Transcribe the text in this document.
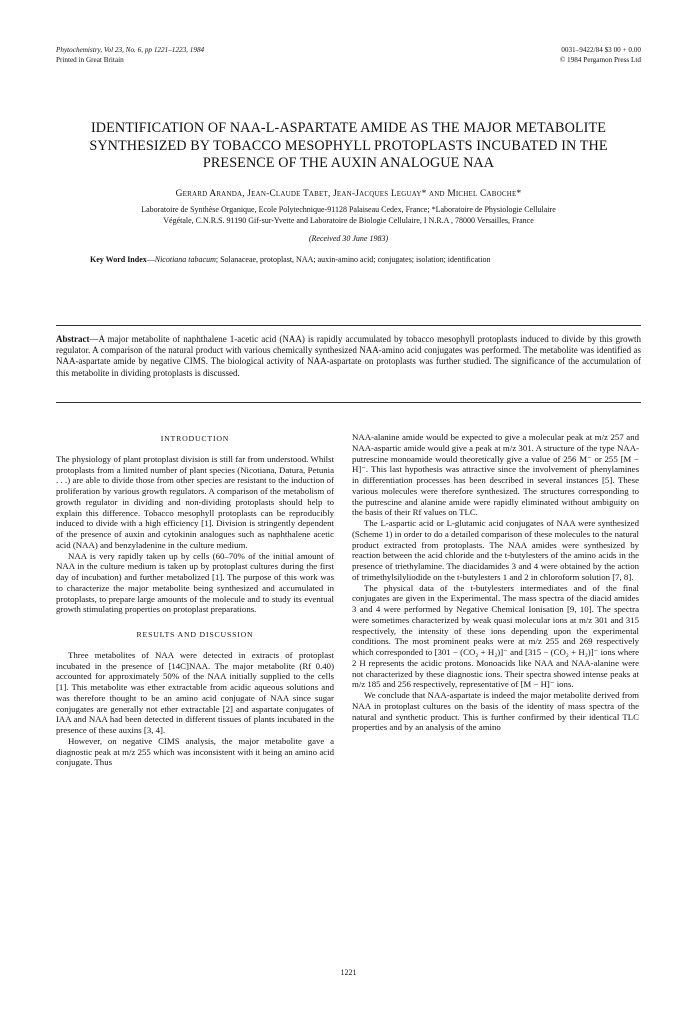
Phytochemistry, Vol 23, No. 6, pp 1221–1223, 1984
Printed in Great Britain
0031–9422/84 $3 00 + 0.00
© 1984 Pergamon Press Ltd
IDENTIFICATION OF NAA-L-ASPARTATE AMIDE AS THE MAJOR METABOLITE SYNTHESIZED BY TOBACCO MESOPHYLL PROTOPLASTS INCUBATED IN THE PRESENCE OF THE AUXIN ANALOGUE NAA
Gerard Aranda, Jean-Claude Tabet, Jean-Jacques Leguay* and Michel Caboche*
Laboratoire de Synthèse Organique, Ecole Polytechnique-91128 Palaiseau Cedex, France; *Laboratoire de Physiologie Cellulaire
Végétale, C.N.R.S. 91190 Gif-sur-Yvette and Laboratoire de Biologie Cellulaire, I N.R.A , 78000 Versailles, France
(Received 30 June 1983)
Key Word Index—Nicotiana tabacum; Solanaceae, protoplast, NAA; auxin-amino acid; conjugates; isolation; identification
Abstract—A major metabolite of naphthalene 1-acetic acid (NAA) is rapidly accumulated by tobacco mesophyll protoplasts induced to divide by this growth regulator. A comparison of the natural product with various chemically synthesized NAA-amino acid conjugates was performed. The metabolite was identified as NAA-aspartate amide by negative CIMS. The biological activity of NAA-aspartate on protoplasts was further studied. The significance of the accumulation of this metabolite in dividing protoplasts is discussed.
INTRODUCTION

The physiology of plant protoplast division is still far from understood. Whilst protoplasts from a limited number of plant species (Nicotiana, Datura, Petunia . . .) are able to divide those from other species are resistant to the induction of proliferation by various growth regulators. A comparison of the metabolism of growth regulator in dividing and non-dividing protoplasts should help to explain this difference. Tobacco mesophyll protoplasts can be reproducibly induced to divide with a high efficiency [1]. Division is stringently dependent of the presence of auxin and cytokinin analogues such as naphthalene acetic acid (NAA) and benzyladenine in the culture medium.

NAA is very rapidly taken up by cells (60–70% of the initial amount of NAA in the culture medium is taken up by protoplast cultures during the first day of incubation) and further metabolized [1]. The purpose of this work was to characterize the major metabolite being synthesized and accumulated in protoplasts, to prepare large amounts of the molecule and to study its eventual growth stimulating properties on protoplast preparations.

RESULTS AND DISCUSSION

Three metabolites of NAA were detected in extracts of protoplast incubated in the presence of [14C]NAA. The major metabolite (Rf 0.40) accounted for approximately 50% of the NAA initially supplied to the cells [1]. This metabolite was ether extractable from acidic aqueous solutions and was therefore thought to be an amino acid conjugate of NAA since sugar conjugates are generally not ether extractable [2] and aspartate conjugates of IAA and NAA had been detected in different tissues of plants incubated in the presence of these auxins [3, 4].

However, on negative CIMS analysis, the major metabolite gave a diagnostic peak at m/z 255 which was inconsistent with it being an amino acid conjugate. Thus

NAA-alanine amide would be expected to give a molecular peak at m/z 257 and NAA-aspartic amide would give a peak at m/z 301. A structure of the type NAA-putrescine monoamide would theoretically give a value of 256 M⁻ or 255 [M − H]⁻. This last hypothesis was attractive since the involvement of phenylamines in differentiation processes has been described in several instances [5]. These various molecules were therefore synthesized. The structures corresponding to the putrescine and alanine amide were rapidly eliminated without ambiguity on the basis of their Rf values on TLC.

The L-aspartic acid or L-glutamic acid conjugates of NAA were synthesized (Scheme 1) in order to do a detailed comparison of these molecules to the natural product extracted from protoplasts. The NAA amides were synthesized by reaction between the acid chloride and the t-butylesters of the amino acids in the presence of triethylamine. The diacidamides 3 and 4 were obtained by the action of trimethylsilyliodide on the t-butylesters 1 and 2 in chloroform solution [7, 8].

The physical data of the t-butylesters intermediates and of the final conjugates are given in the Experimental. The mass spectra of the diacid amides 3 and 4 were performed by Negative Chemical Ionisation [9, 10]. The spectra were sometimes characterized by weak quasi molecular ions at m/z 301 and 315 respectively, the intensity of these ions depending upon the experimental conditions. The most prominent peaks were at m/z 255 and 269 respectively which corresponded to [301 − (CO₂ + H₂)]⁻ and [315 − (CO₂ + H₂)]⁻ ions where 2 H represents the acidic protons. Monoacids like NAA and NAA-alanine were not characterized by these diagnostic ions. Their spectra showed intense peaks at m/z 185 and 256 respectively, representative of [M − H]⁻ ions.

We conclude that NAA-aspartate is indeed the major metabolite derived from NAA in protoplast cultures on the basis of the identity of mass spectra of the natural and synthetic product. This is further confirmed by their identical TLC properties and by an analysis of the amino

1221
